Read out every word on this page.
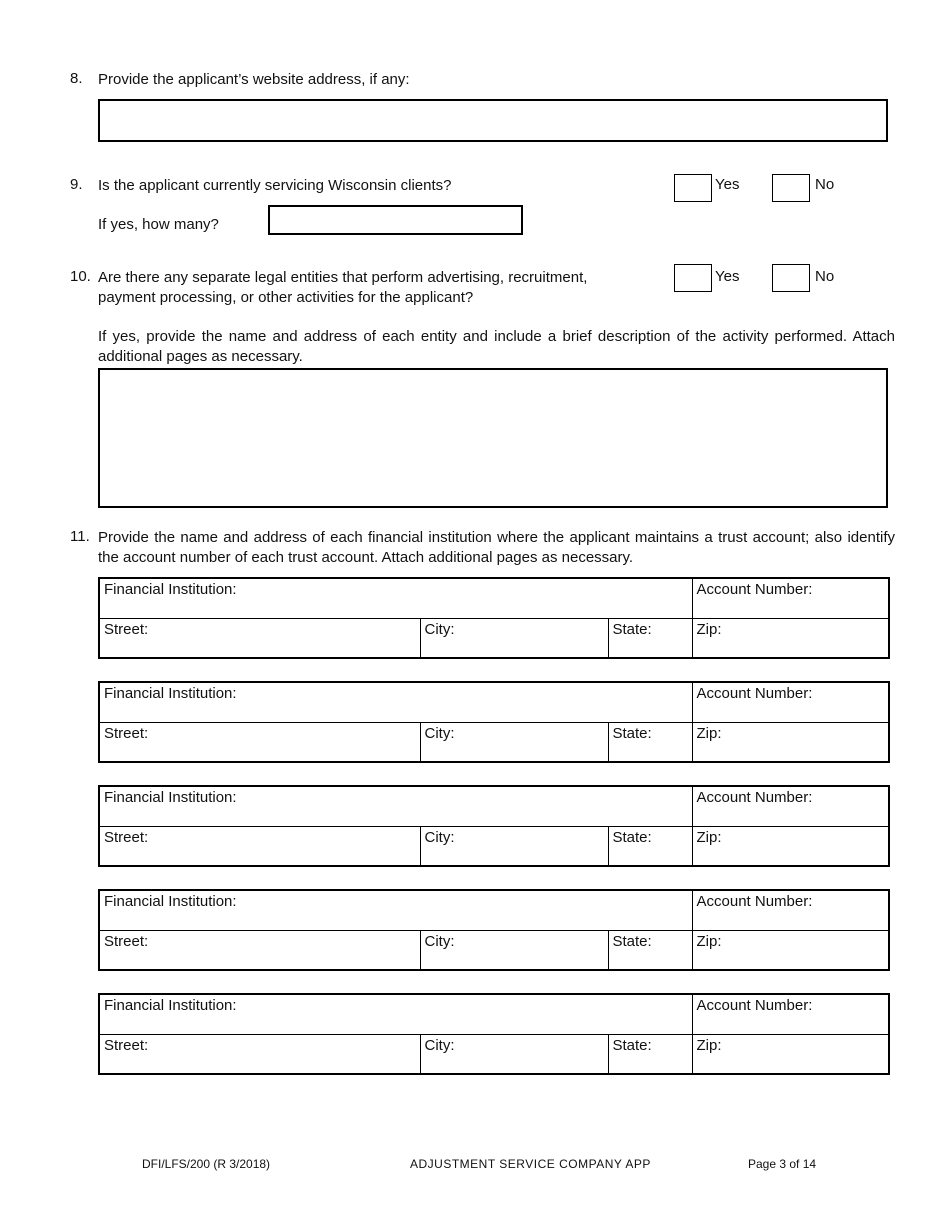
8. Provide the applicant’s website address, if any:
9. Is the applicant currently servicing Wisconsin clients?	Yes	No
If yes, how many?
10. Are there any separate legal entities that perform advertising, recruitment,
payment processing, or other activities for the applicant?
Yes	No
If yes, provide the name and address of each entity and include a brief description of the activity performed. Attach additional pages as necessary.
11. Provide the name and address of each financial institution where the applicant maintains a trust account; also identify the account number of each trust account. Attach additional pages as necessary.
Financial Institution:			Account Number:
Street:	City:	State:	Zip:
Financial Institution:			Account Number:
Street:	City:	State:	Zip:
Financial Institution:			Account Number:
Street:	City:	State:	Zip:
Financial Institution:			Account Number:
Street:	City:	State:	Zip:
Financial Institution:			Account Number:
Street:	City:	State:	Zip:
DFI/LFS/200 (R 3/2018)	ADJUSTMENT SERVICE COMPANY APP	Page 3 of 14
